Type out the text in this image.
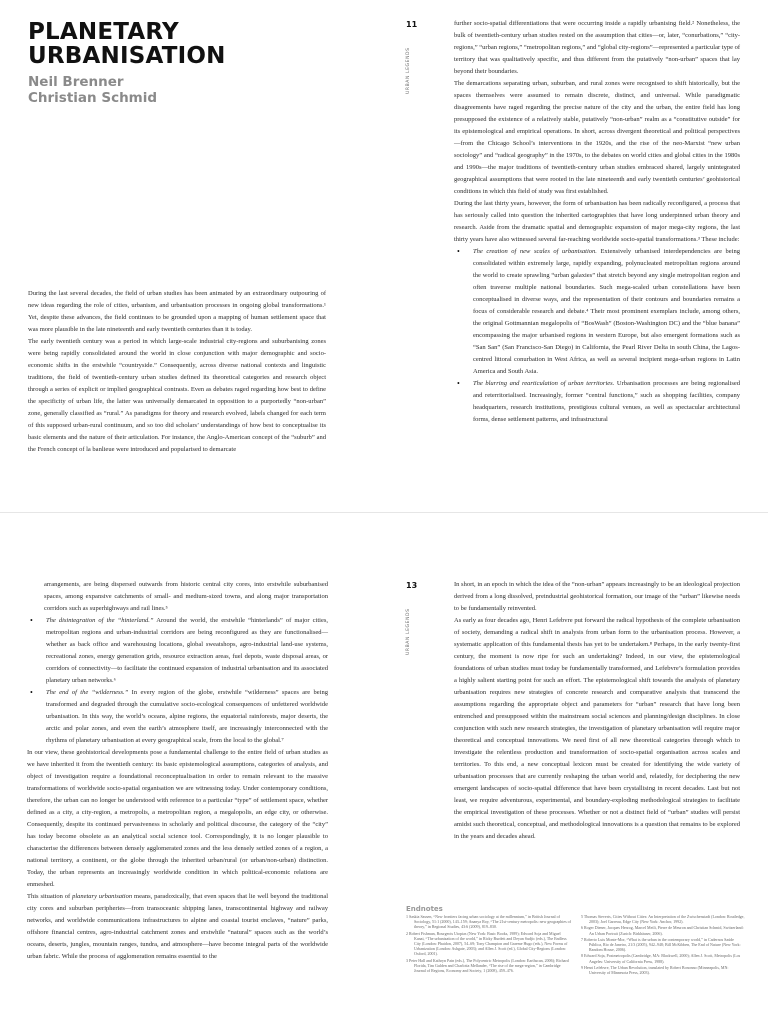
PLANETARY
URBANISATION
Neil Brenner
Christian Schmid

During the last several decades, the field of urban studies has been animated by an extraordinary outpouring of new ideas regarding the role of cities, urbanism, and urbanisation processes in ongoing global transformations.¹ Yet, despite these advances, the field continues to be grounded upon a mapping of human settlement space that was more plausible in the late nineteenth and early twentieth centuries than it is today.

The early twentieth century was a period in which large-scale industrial city-regions and suburbanising zones were being rapidly consolidated around the world in close conjunction with major demographic and socio-economic shifts in the erstwhile “countryside.” Consequently, across diverse national contexts and linguistic traditions, the field of twentieth-century urban studies defined its theoretical categories and research object through a series of explicit or implied geographical contrasts. Even as debates raged regarding how best to define the specificity of urban life, the latter was universally demarcated in opposition to a purportedly “non-urban” zone, generally classified as “rural.” As paradigms for theory and research evolved, labels changed for each term of this supposed urban-rural continuum, and so too did scholars’ understandings of how best to conceptualise its basic elements and the nature of their articulation. For instance, the Anglo-American concept of the “suburb” and the French concept of la banlieue were introduced and popularised to demarcate

11
URBAN LEGENDS

further socio-spatial differentiations that were occurring inside a rapidly urbanising field.² Nonetheless, the bulk of twentieth-century urban studies rested on the assumption that cities—or, later, “conurbations,” “city-regions,” “urban regions,” “metropolitan regions,” and “global city-regions”—represented a particular type of territory that was qualitatively specific, and thus different from the putatively “non-urban” spaces that lay beyond their boundaries.

The demarcations separating urban, suburban, and rural zones were recognised to shift historically, but the spaces themselves were assumed to remain discrete, distinct, and universal. While paradigmatic disagreements have raged regarding the precise nature of the city and the urban, the entire field has long presupposed the existence of a relatively stable, putatively “non-urban” realm as a “constitutive outside” for its epistemological and empirical operations. In short, across divergent theoretical and political perspectives—from the Chicago School’s interventions in the 1920s, and the rise of the neo-Marxist “new urban sociology” and “radical geography” in the 1970s, to the debates on world cities and global cities in the 1980s and 1990s—the major traditions of twentieth-century urban studies embraced shared, largely unintegrated geographical assumptions that were rooted in the late nineteenth and early twentieth centuries’ geohistorical conditions in which this field of study was first established.

During the last thirty years, however, the form of urbanisation has been radically reconfigured, a process that has seriously called into question the inherited cartographies that have long underpinned urban theory and research. Aside from the dramatic spatial and demographic expansion of major mega-city regions, the last thirty years have also witnessed several far-reaching worldwide socio-spatial transformations.³ These include:

• The creation of new scales of urbanisation. Extensively urbanised interdependencies are being consolidated within extremely large, rapidly expanding, polynucleated metropolitan regions around the world to create sprawling “urban galaxies” that stretch beyond any single metropolitan region and often traverse multiple national boundaries. Such mega-scaled urban constellations have been conceptualised in diverse ways, and the representation of their contours and boundaries remains a focus of considerable research and debate.⁴ Their most prominent exemplars include, among others, the original Gottmannian megalopolis of “BosWash” (Boston-Washington DC) and the “blue banana” encompassing the major urbanised regions in western Europe, but also emergent formations such as “San San” (San Francisco-San Diego) in California, the Pearl River Delta in south China, the Lagos-centred littoral conurbation in West Africa, as well as several incipient mega-urban regions in Latin America and South Asia.
• The blurring and rearticulation of urban territories. Urbanisation processes are being regionalised and reterritorialised. Increasingly, former “central functions,” such as shopping facilities, company headquarters, research institutions, prestigious cultural venues, as well as spectacular architectural forms, dense settlement patterns, and infrastructural

arrangements, are being dispersed outwards from historic central city cores, into erstwhile suburbanised spaces, among expansive catchments of small- and medium-sized towns, and along major transportation corridors such as superhighways and rail lines.⁵

• The disintegration of the “hinterland.” Around the world, the erstwhile “hinterlands” of major cities, metropolitan regions and urban-industrial corridors are being reconfigured as they are functionalised—whether as back office and warehousing locations, global sweatshops, agro-industrial land-use systems, recreational zones, energy generation grids, resource extraction areas, fuel depots, waste disposal areas, or corridors of connectivity—to facilitate the continued expansion of industrial urbanisation and its associated planetary urban networks.⁶
• The end of the “wilderness.” In every region of the globe, erstwhile “wilderness” spaces are being transformed and degraded through the cumulative socio-ecological consequences of unfettered worldwide urbanisation. In this way, the world’s oceans, alpine regions, the equatorial rainforests, major deserts, the arctic and polar zones, and even the earth’s atmosphere itself, are increasingly interconnected with the rhythms of planetary urbanisation at every geographical scale, from the local to the global.⁷

In our view, these geohistorical developments pose a fundamental challenge to the entire field of urban studies as we have inherited it from the twentieth century: its basic epistemological assumptions, categories of analysis, and object of investigation require a foundational reconceptualisation in order to remain relevant to the massive transformations of worldwide socio-spatial organisation we are witnessing today. Under contemporary conditions, therefore, the urban can no longer be understood with reference to a particular “type” of settlement space, whether defined as a city, a city-region, a metropolis, a metropolitan region, a megalopolis, an edge city, or otherwise. Consequently, despite its continued pervasiveness in scholarly and political discourse, the category of the “city” has today become obsolete as an analytical social science tool. Correspondingly, it is no longer plausible to characterise the differences between densely agglomerated zones and the less densely settled zones of a region, a national territory, a continent, or the globe through the inherited urban/rural (or urban/non-urban) distinction. Today, the urban represents an increasingly worldwide condition in which political-economic relations are enmeshed.

This situation of planetary urbanisation means, paradoxically, that even spaces that lie well beyond the traditional city cores and suburban peripheries—from transoceanic shipping lanes, transcontinental highway and railway networks, and worldwide communications infrastructures to alpine and coastal tourist enclaves, “nature” parks, offshore financial centres, agro-industrial catchment zones and erstwhile “natural” spaces such as the world’s oceans, deserts, jungles, mountain ranges, tundra, and atmosphere—have become integral parts of the worldwide urban fabric. While the process of agglomeration remains essential to the

13
URBAN LEGENDS

In short, in an epoch in which the idea of the “non-urban” appears increasingly to be an ideological projection derived from a long dissolved, preindustrial geohistorical formation, our image of the “urban” likewise needs to be fundamentally reinvented.

As early as four decades ago, Henri Lefebvre put forward the radical hypothesis of the complete urbanisation of society, demanding a radical shift in analysis from urban form to the urbanisation process. However, a systematic application of this fundamental thesis has yet to be undertaken.⁸ Perhaps, in the early twenty-first century, the moment is now ripe for such an undertaking? Indeed, in our view, the epistemological foundations of urban studies must today be fundamentally transformed, and Lefebvre’s formulation provides a highly salient starting point for such an effort. The epistemological shift towards the analysis of planetary urbanisation requires new strategies of concrete research and comparative analysis that transcend the assumptions regarding the appropriate object and parameters for “urban” research that have long been entrenched and presupposed within the mainstream social sciences and planning/design disciplines. In close conjunction with such new research strategies, the investigation of planetary urbanisation will require major theoretical and conceptual innovations. We need first of all new theoretical categories through which to investigate the relentless production and transformation of socio-spatial organisation across scales and territories. To this end, a new conceptual lexicon must be created for identifying the wide variety of urbanisation processes that are currently reshaping the urban world and, relatedly, for deciphering the new emergent landscapes of socio-spatial difference that have been crystallising in recent decades. Last but not least, we require adventurous, experimental, and boundary-exploding methodological strategies to facilitate the empirical investigation of these processes. Whether or not a distinct field of “urban” studies will persist amidst such theoretical, conceptual, and methodological innovations is a question that remains to be explored in the years and decades ahead.

Endnotes
1 Saskia Sassen, “New frontiers facing urban sociology at the millennium,” in British Journal of Sociology, 51:1 (2000), 143–159; Ananya Roy, “The 21st-century metropolis: new geographies of theory,” in Regional Studies, 43:6 (2009), 819–830.
2 Robert Fishman, Bourgeois Utopias (New York: Basic Books, 1989); Edward Soja and Miguel Kanai, “The urbanization of the world,” in Ricky Burdett and Deyan Sudjic (eds.), The Endless City (London: Phaidon, 2007), 54–69; Tony Champion and Graeme Hugo (eds.), New Forms of Urbanization (London: Ashgate, 2003); and Allen J. Scott (ed.), Global City-Regions (London: Oxford, 2001).
3 Peter Hall and Kathryn Pain (eds.), The Polycentric Metropolis (London: Earthscan, 2006); Richard Florida, Tim Gulden and Charlotta Mellander, “The rise of the mega-region,” in Cambridge Journal of Regions, Economy and Society, 1 (2008), 459–476.
5 Thomas Sieverts, Cities Without Cities: An Interpretation of the Zwischenstadt (London: Routledge, 2003); Joel Garreau, Edge City (New York: Anchor, 1992).
6 Roger Diener, Jacques Herzog, Marcel Meili, Pierre de Meuron and Christian Schmid, Switzerland: An Urban Portrait (Zurich: Birkhäuser, 2006).
7 Roberto Luis Monte-Mor, “What is the urban in the contemporary world,” in Cadernos Saúde Pública, Rio de Janeiro, 21/3 (2005), 942–948; Bill McKibben, The End of Nature (New York: Random House, 2006).
8 Edward Soja, Postmetropolis (Cambridge, MA: Blackwell, 2000); Allen J. Scott, Metropolis (Los Angeles: University of California Press, 1988).
9 Henri Lefebvre, The Urban Revolution, translated by Robert Bononno (Minneapolis, MN: University of Minnesota Press, 2003).
